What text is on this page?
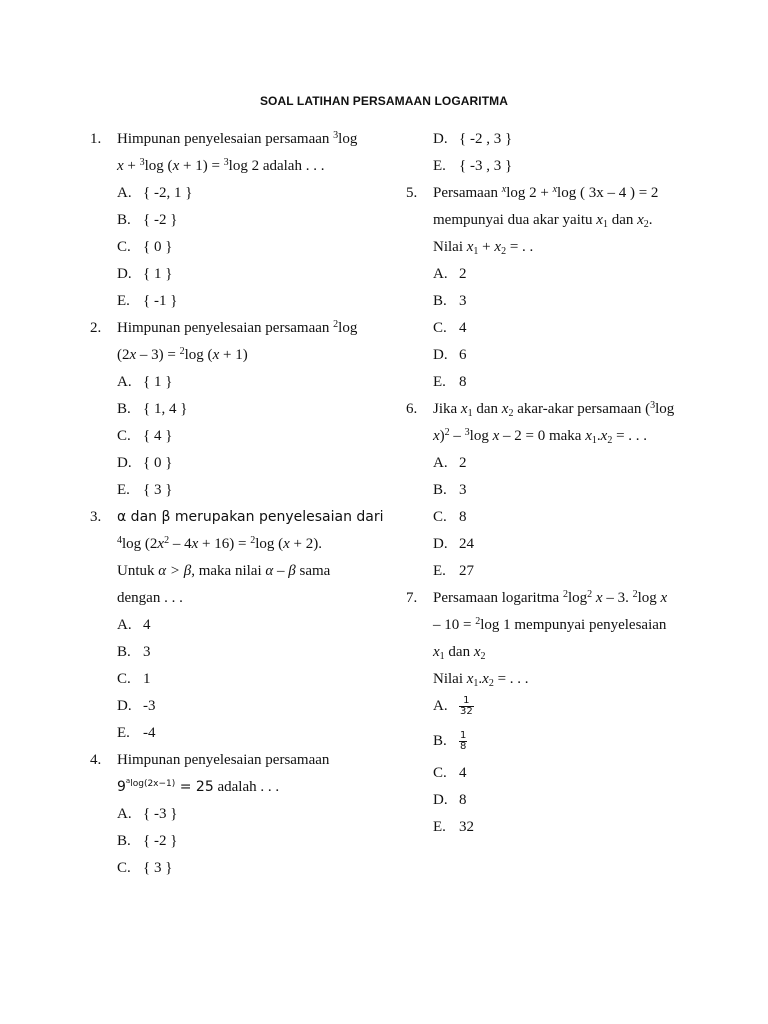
SOAL LATIHAN PERSAMAAN LOGARITMA
1. Himpunan penyelesaian persamaan $^3$log
x + $^3$log (x + 1) = $^3$log 2 adalah . . .
A. { -2, 1 }
B. { -2 }
C. { 0 }
D. { 1 }
E. { -1 }
2. Himpunan penyelesaian persamaan $^2$log
(2x – 3) = $^2$log (x + 1)
A. { 1 }
B. { 1, 4 }
C. { 4 }
D. { 0 }
E. { 3 }
3. α dan β merupakan penyelesaian dari
$^4$log $(2x^2 - 4x + 16) = ^2\log$ (x + 2).
Untuk α > β, maka nilai α – β sama
dengan . . .
A. 4
B. 3
C. 1
D. -3
E. -4
4. Himpunan penyelesaian persamaan
$9^{^alog(2x-1)} = 25$ adalah . . .
A. { -3 }
B. { -2 }
C. { 3 }
D. { -2 , 3 }
E. { -3 , 3 }
5. Persamaan $^x$log 2 + $^x$log ( 3x – 4 ) = 2
mempunyai dua akar yaitu $x_1$ dan $x_2$.
Nilai $x_1 + x_2$ = . .
A. 2
B. 3
C. 4
D. 6
E. 8
6. Jika $x_1$ dan $x_2$ akar-akar persamaan ($^3$log
x)$^2$ – $^3$log x – 2 = 0 maka $x_1.x_2$ = . . .
A. 2
B. 3
C. 8
D. 24
E. 27
7. Persamaan logaritma $^2\log^2$ x – 3. $^2$log x
– 10 = $^2$log 1 mempunyai penyelesaian
$x_1$ dan $x_2$
Nilai $x_1.x_2$ = . . .
A. $\frac{1}{32}$
B. $\frac{1}{8}$
C. 4
D. 8
E. 32
